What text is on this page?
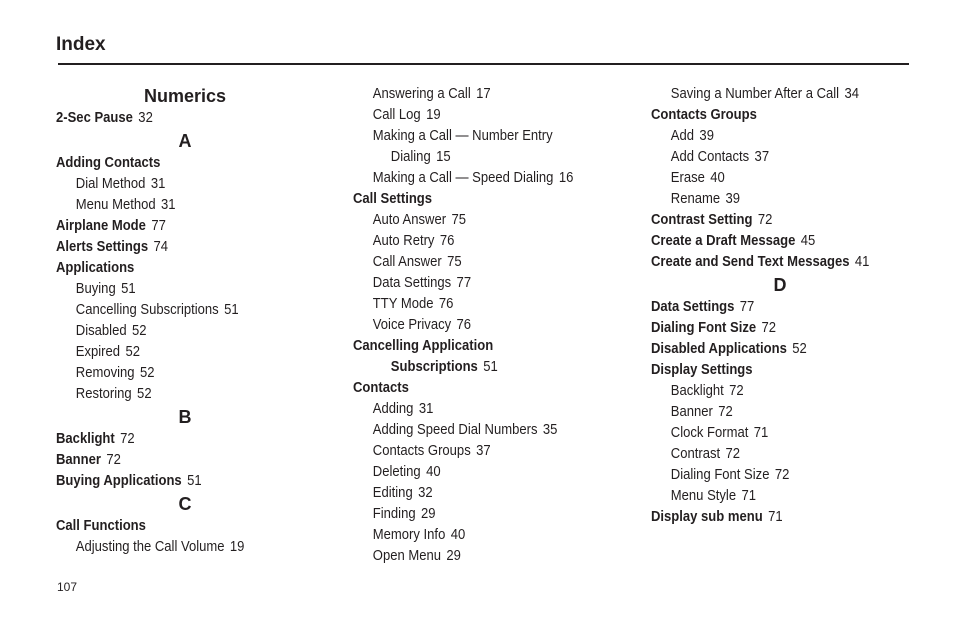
Index
Numerics
2-Sec Pause 32
A
Adding Contacts
Dial Method 31
Menu Method 31
Airplane Mode 77
Alerts Settings 74
Applications
Buying 51
Cancelling Subscriptions 51
Disabled 52
Expired 52
Removing 52
Restoring 52
B
Backlight 72
Banner 72
Buying Applications 51
C
Call Functions
Adjusting the Call Volume 19
Answering a Call 17
Call Log 19
Making a Call — Number Entry
Dialing 15
Making a Call — Speed Dialing 16
Call Settings
Auto Answer 75
Auto Retry 76
Call Answer 75
Data Settings 77
TTY Mode 76
Voice Privacy 76
Cancelling Application
Subscriptions 51
Contacts
Adding 31
Adding Speed Dial Numbers 35
Contacts Groups 37
Deleting 40
Editing 32
Finding 29
Memory Info 40
Open Menu 29
Saving a Number After a Call 34
Contacts Groups
Add 39
Add Contacts 37
Erase 40
Rename 39
Contrast Setting 72
Create a Draft Message 45
Create and Send Text Messages 41
D
Data Settings 77
Dialing Font Size 72
Disabled Applications 52
Display Settings
Backlight 72
Banner 72
Clock Format 71
Contrast 72
Dialing Font Size 72
Menu Style 71
Display sub menu 71
107
